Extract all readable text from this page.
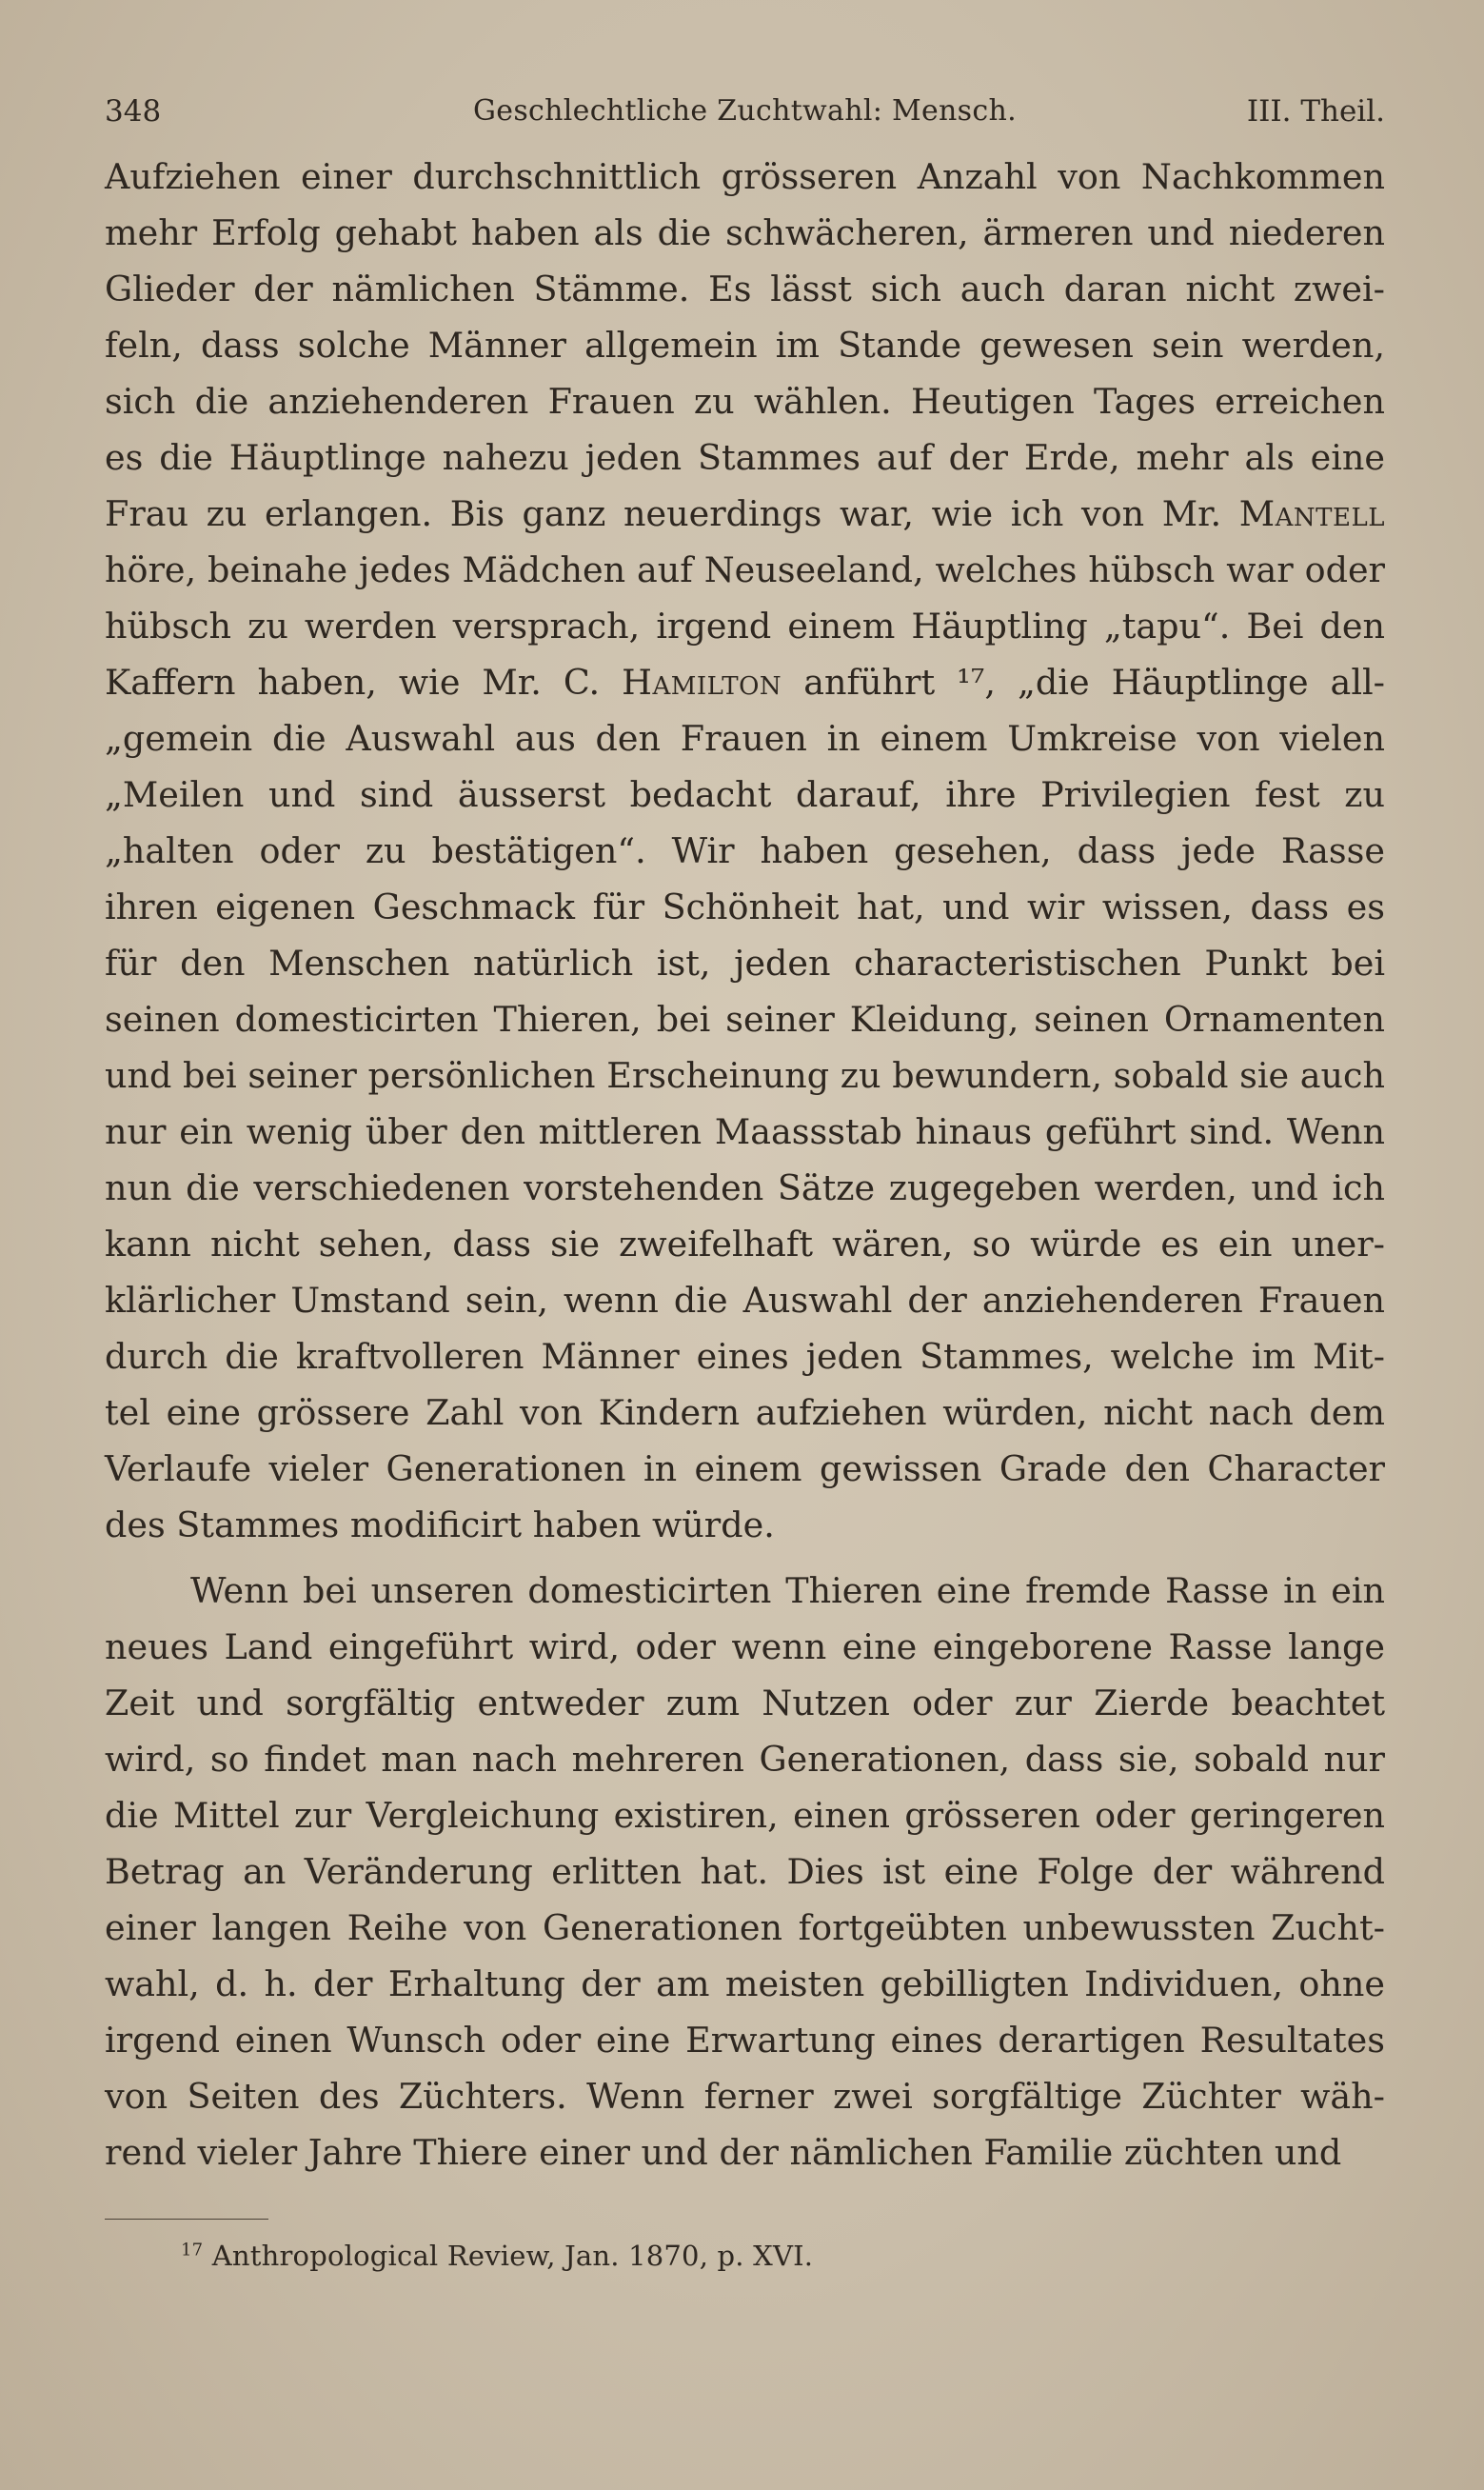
348	Geschlechtliche Zuchtwahl: Mensch.	III. Theil.
Aufziehen einer durchschnittlich grösseren Anzahl von Nachkommen
mehr Erfolg gehabt haben als die schwächeren, ärmeren und niederen
Glieder der nämlichen Stämme. Es lässt sich auch daran nicht zwei-
feln, dass solche Männer allgemein im Stande gewesen sein werden,
sich die anziehenderen Frauen zu wählen. Heutigen Tages erreichen
es die Häuptlinge nahezu jeden Stammes auf der Erde, mehr als eine
Frau zu erlangen. Bis ganz neuerdings war, wie ich von Mr. Mantell
höre, beinahe jedes Mädchen auf Neuseeland, welches hübsch war oder
hübsch zu werden versprach, irgend einem Häuptling „tapu“. Bei den
Kaffern haben, wie Mr. C. Hamilton anführt ¹⁷, „die Häuptlinge all-
„gemein die Auswahl aus den Frauen in einem Umkreise von vielen
„Meilen und sind äusserst bedacht darauf, ihre Privilegien fest zu
„halten oder zu bestätigen“. Wir haben gesehen, dass jede Rasse
ihren eigenen Geschmack für Schönheit hat, und wir wissen, dass es
für den Menschen natürlich ist, jeden characteristischen Punkt bei
seinen domesticirten Thieren, bei seiner Kleidung, seinen Ornamenten
und bei seiner persönlichen Erscheinung zu bewundern, sobald sie auch
nur ein wenig über den mittleren Maassstab hinaus geführt sind. Wenn
nun die verschiedenen vorstehenden Sätze zugegeben werden, und ich
kann nicht sehen, dass sie zweifelhaft wären, so würde es ein uner-
klärlicher Umstand sein, wenn die Auswahl der anziehenderen Frauen
durch die kraftvolleren Männer eines jeden Stammes, welche im Mit-
tel eine grössere Zahl von Kindern aufziehen würden, nicht nach dem
Verlaufe vieler Generationen in einem gewissen Grade den Character
des Stammes modificirt haben würde.
Wenn bei unseren domesticirten Thieren eine fremde Rasse in ein
neues Land eingeführt wird, oder wenn eine eingeborene Rasse lange
Zeit und sorgfältig entweder zum Nutzen oder zur Zierde beachtet
wird, so findet man nach mehreren Generationen, dass sie, sobald nur
die Mittel zur Vergleichung existiren, einen grösseren oder geringeren
Betrag an Veränderung erlitten hat. Dies ist eine Folge der während
einer langen Reihe von Generationen fortgeübten unbewussten Zucht-
wahl, d. h. der Erhaltung der am meisten gebilligten Individuen, ohne
irgend einen Wunsch oder eine Erwartung eines derartigen Resultates
von Seiten des Züchters. Wenn ferner zwei sorgfältige Züchter wäh-
rend vieler Jahre Thiere einer und der nämlichen Familie züchten und
$^{17}$ Anthropological Review, Jan. 1870, p. XVI.
